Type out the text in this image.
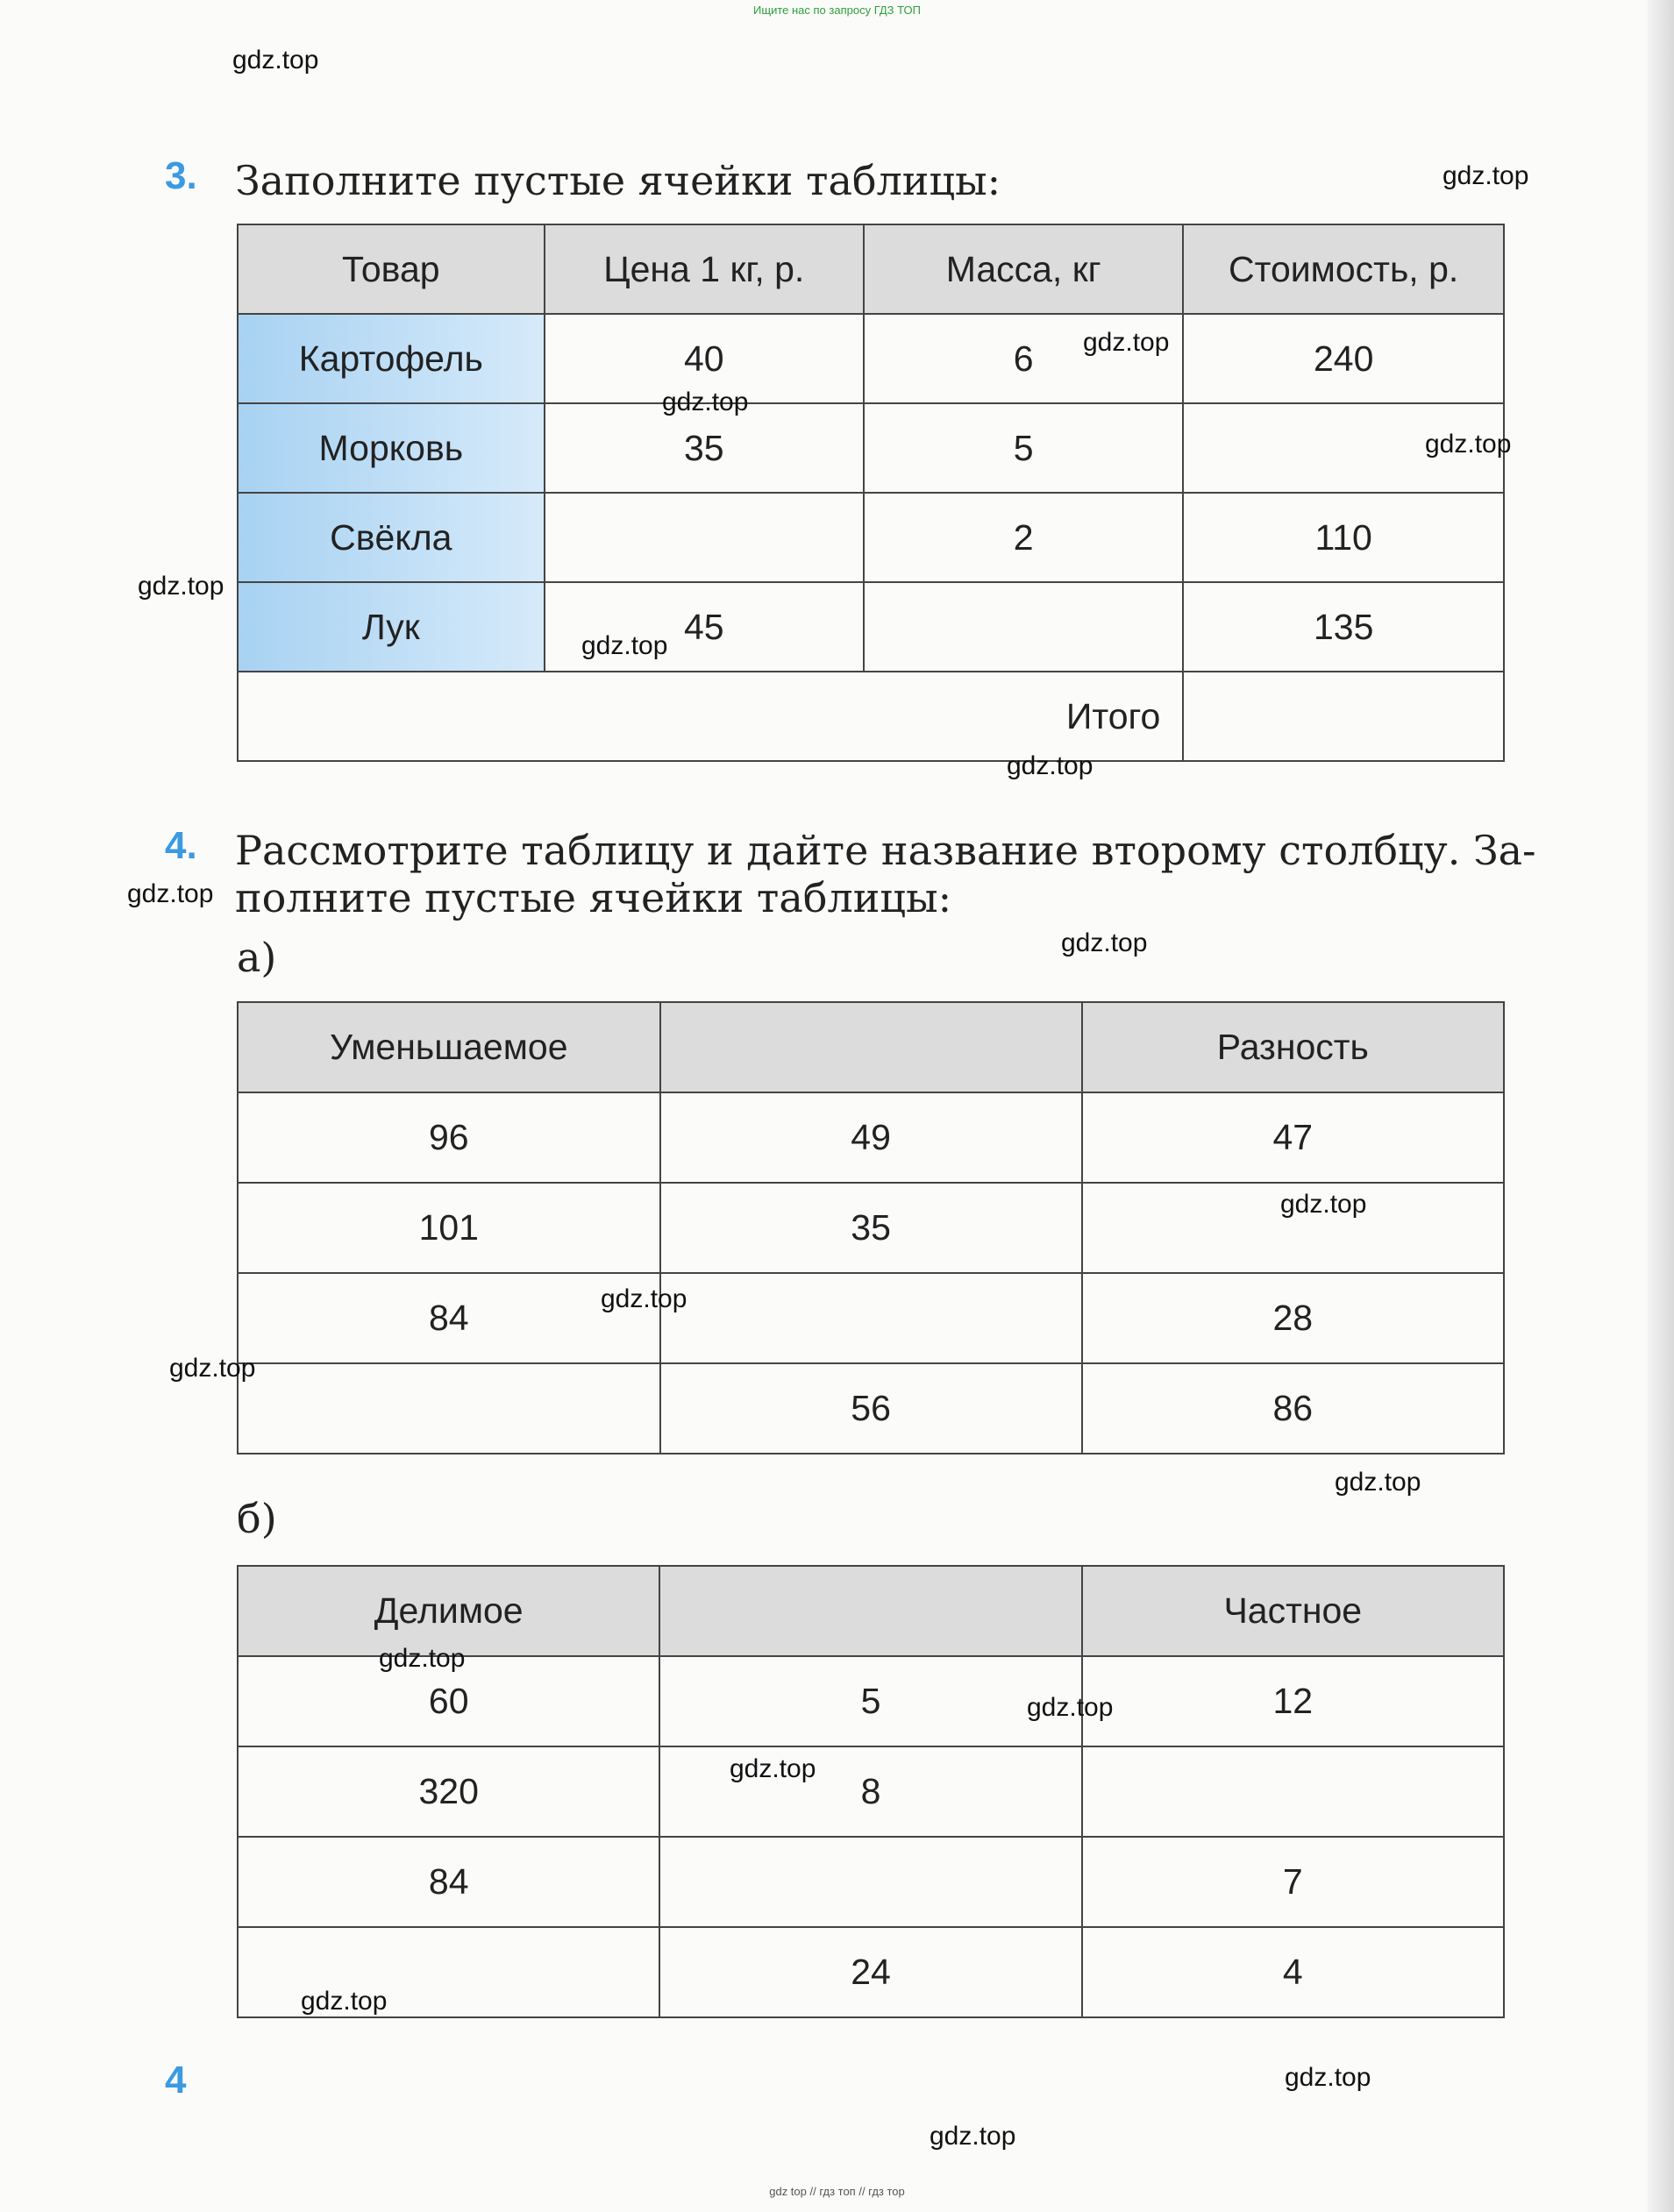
Ищите нас по запросу ГДЗ ТОП
3. Заполните пустые ячейки таблицы:
Товар	Цена 1 кг, р.	Масса, кг	Стоимость, р.
Картофель	40	6	240
Морковь	35	5	
Свёкла		2	110
Лук	45		135
Итого			
4. Рассмотрите таблицу и дайте название второму столбцу. За-
полните пустые ячейки таблицы:
а)
Уменьшаемое		Разность
96	49	47
101	35	
84		28
	56	86
б)
Делимое		Частное
60	5	12
320	8	
84		7
	24	4
4
gdz.top
gdz.top
gdz.top
gdz.top
gdz.top
gdz.top
gdz.top
gdz.top
gdz.top
gdz.top
gdz.top
gdz.top
gdz.top
gdz.top
gdz.top
gdz.top
gdz.top
gdz.top
gdz.top
gdz.top
gdz top // гдз топ // гдз тор
